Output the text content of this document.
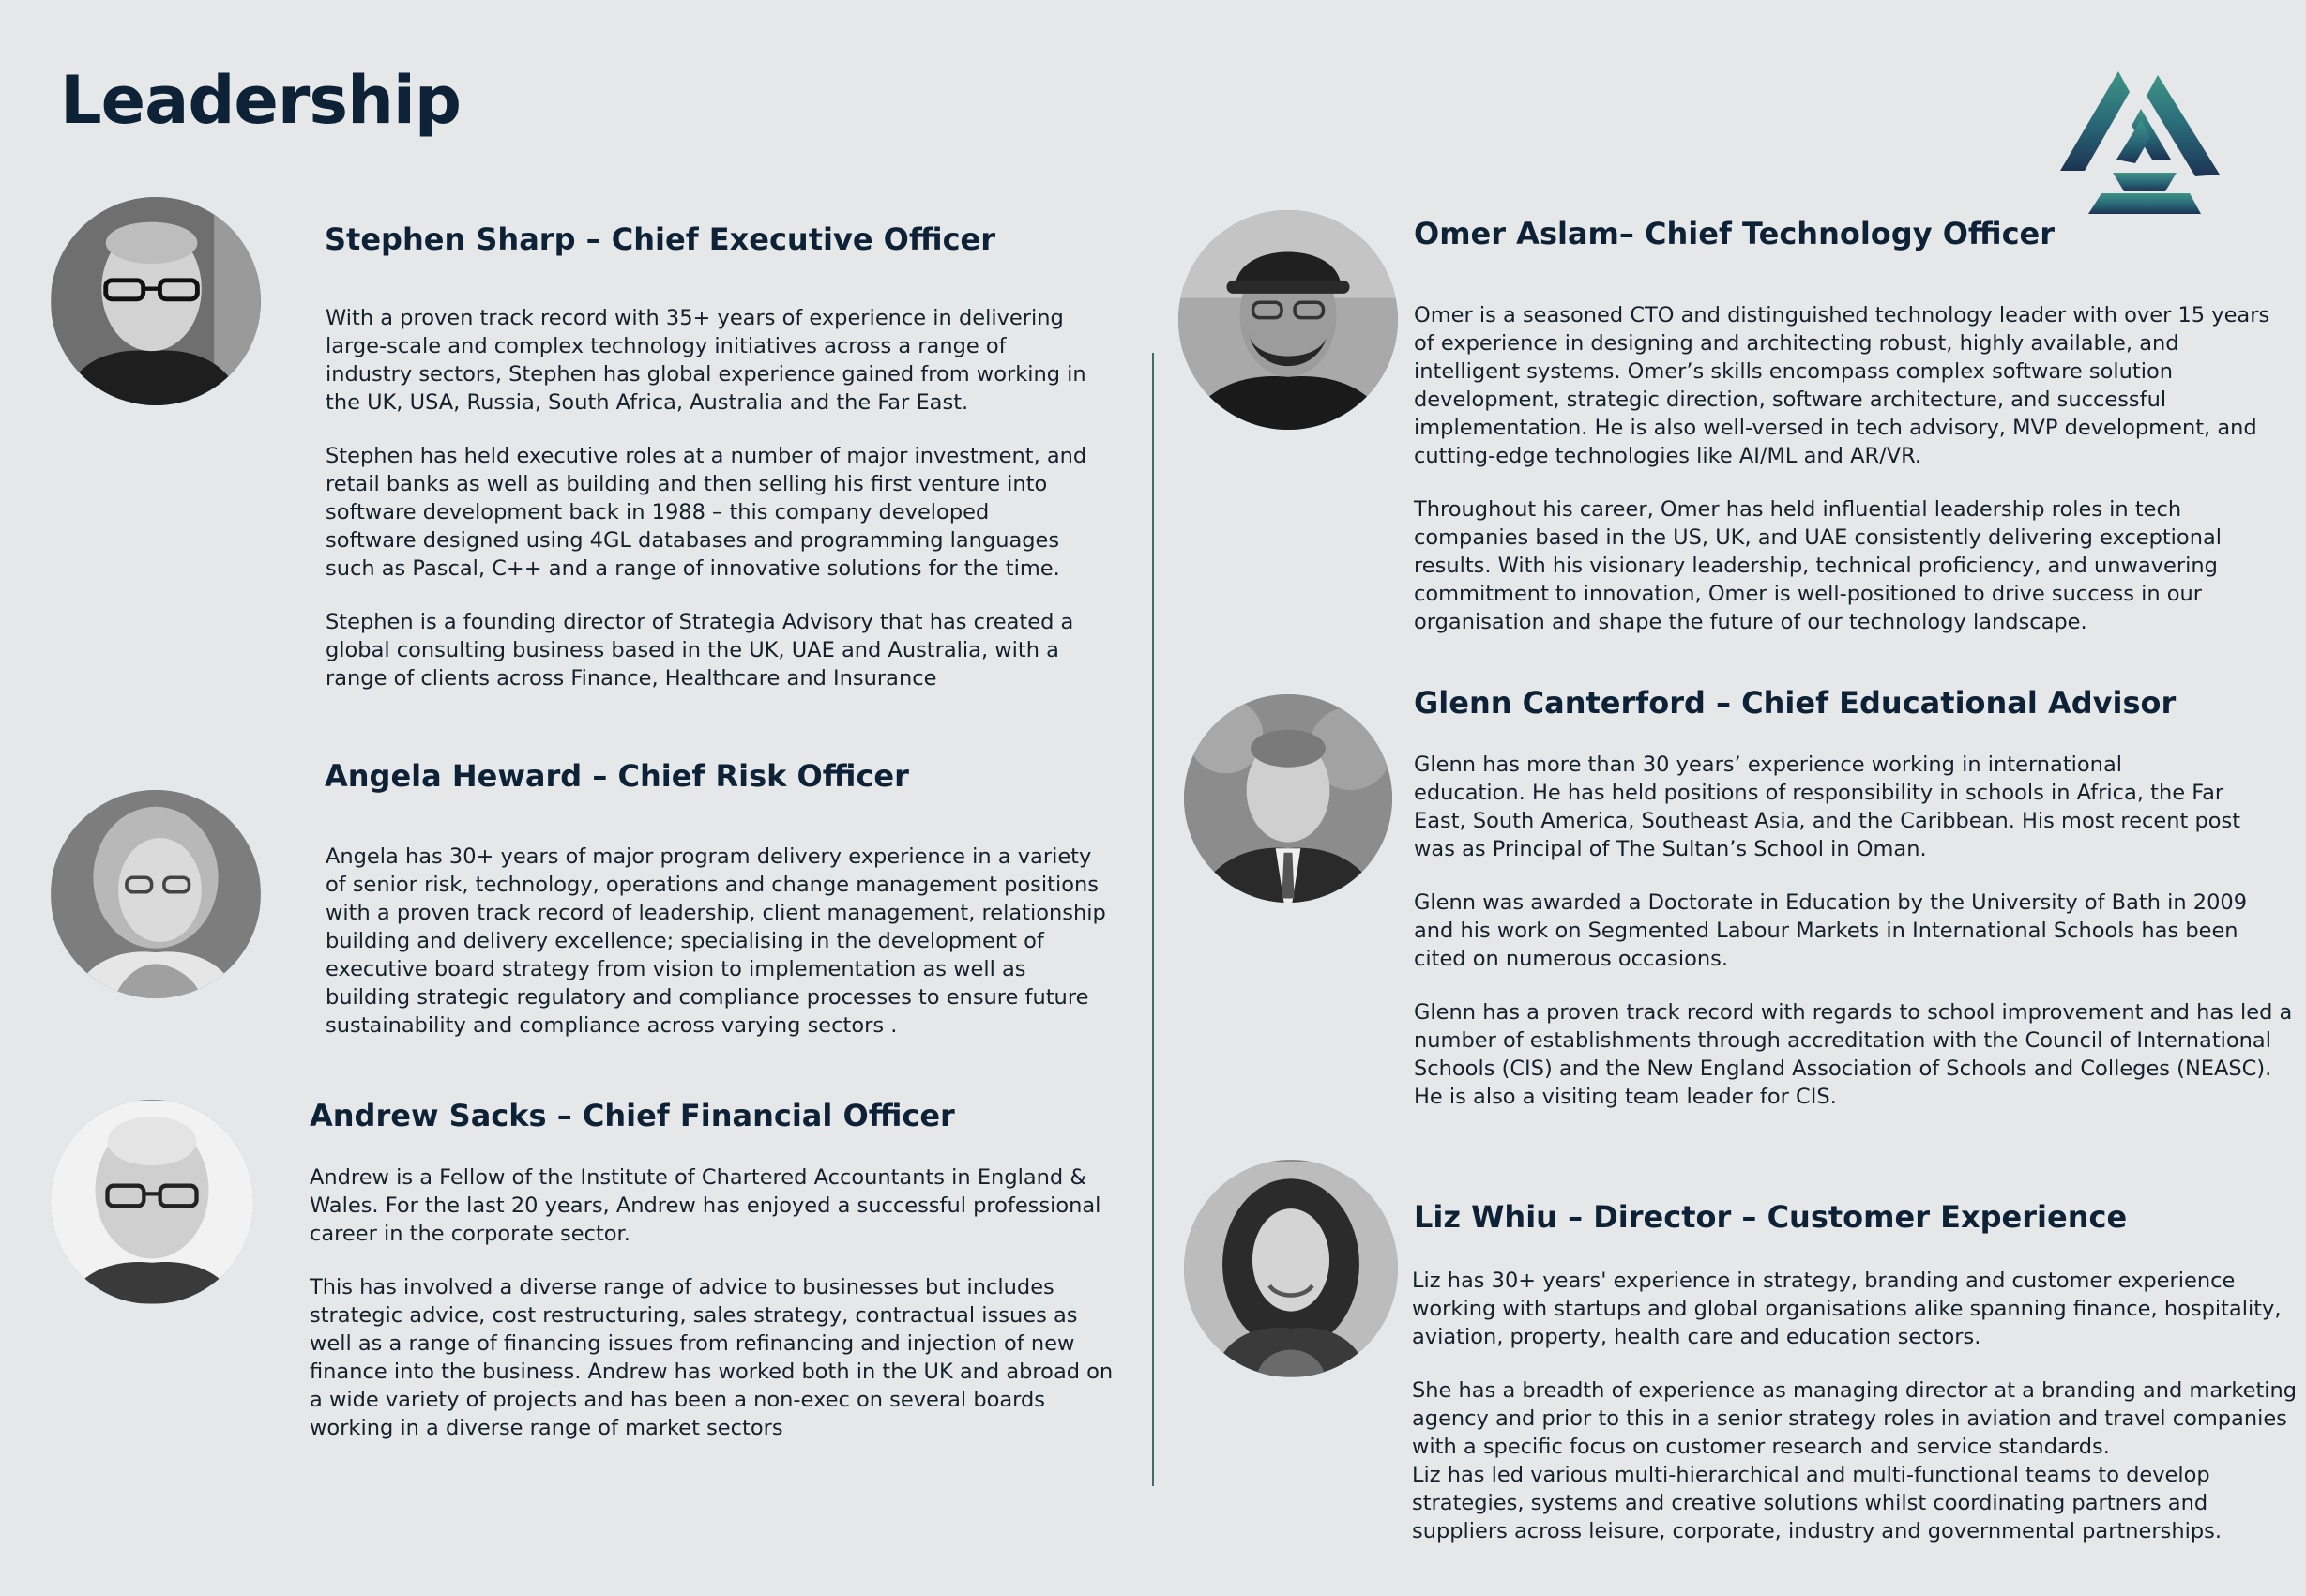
Leadership
Stephen Sharp – Chief Executive Officer

With a proven track record with 35+ years of experience in delivering
large-scale and complex technology initiatives across a range of
industry sectors, Stephen has global experience gained from working in
the UK, USA, Russia, South Africa, Australia and the Far East.

Stephen has held executive roles at a number of major investment, and
retail banks as well as building and then selling his first venture into
software development back in 1988 – this company developed
software designed using 4GL databases and programming languages
such as Pascal, C++ and a range of innovative solutions for the time.

Stephen is a founding director of Strategia Advisory that has created a
global consulting business based in the UK, UAE and Australia, with a
range of clients across Finance, Healthcare and Insurance

Angela Heward – Chief Risk Officer

Angela has 30+ years of major program delivery experience in a variety
of senior risk, technology, operations and change management positions
with a proven track record of leadership, client management, relationship
building and delivery excellence; specialising in the development of
executive board strategy from vision to implementation as well as
building strategic regulatory and compliance processes to ensure future
sustainability and compliance across varying sectors .

Andrew Sacks – Chief Financial Officer

Andrew is a Fellow of the Institute of Chartered Accountants in England &
Wales. For the last 20 years, Andrew has enjoyed a successful professional
career in the corporate sector.

This has involved a diverse range of advice to businesses but includes
strategic advice, cost restructuring, sales strategy, contractual issues as
well as a range of financing issues from refinancing and injection of new
finance into the business. Andrew has worked both in the UK and abroad on
a wide variety of projects and has been a non-exec on several boards
working in a diverse range of market sectors

Omer Aslam– Chief Technology Officer

Omer is a seasoned CTO and distinguished technology leader with over 15 years
of experience in designing and architecting robust, highly available, and
intelligent systems. Omer’s skills encompass complex software solution
development, strategic direction, software architecture, and successful
implementation. He is also well-versed in tech advisory, MVP development, and
cutting-edge technologies like AI/ML and AR/VR.

Throughout his career, Omer has held influential leadership roles in tech
companies based in the US, UK, and UAE consistently delivering exceptional
results. With his visionary leadership, technical proficiency, and unwavering
commitment to innovation, Omer is well-positioned to drive success in our
organisation and shape the future of our technology landscape.

Glenn Canterford – Chief Educational Advisor

Glenn has more than 30 years’ experience working in international
education. He has held positions of responsibility in schools in Africa, the Far
East, South America, Southeast Asia, and the Caribbean. His most recent post
was as Principal of The Sultan’s School in Oman.

Glenn was awarded a Doctorate in Education by the University of Bath in 2009
and his work on Segmented Labour Markets in International Schools has been
cited on numerous occasions.

Glenn has a proven track record with regards to school improvement and has led a
number of establishments through accreditation with the Council of International
Schools (CIS) and the New England Association of Schools and Colleges (NEASC).
He is also a visiting team leader for CIS.

Liz Whiu – Director – Customer Experience

Liz has 30+ years' experience in strategy, branding and customer experience
working with startups and global organisations alike spanning finance, hospitality,
aviation, property, health care and education sectors.

She has a breadth of experience as managing director at a branding and marketing
agency and prior to this in a senior strategy roles in aviation and travel companies
with a specific focus on customer research and service standards.

Liz has led various multi-hierarchical and multi-functional teams to develop
strategies, systems and creative solutions whilst coordinating partners and
suppliers across leisure, corporate, industry and governmental partnerships.
